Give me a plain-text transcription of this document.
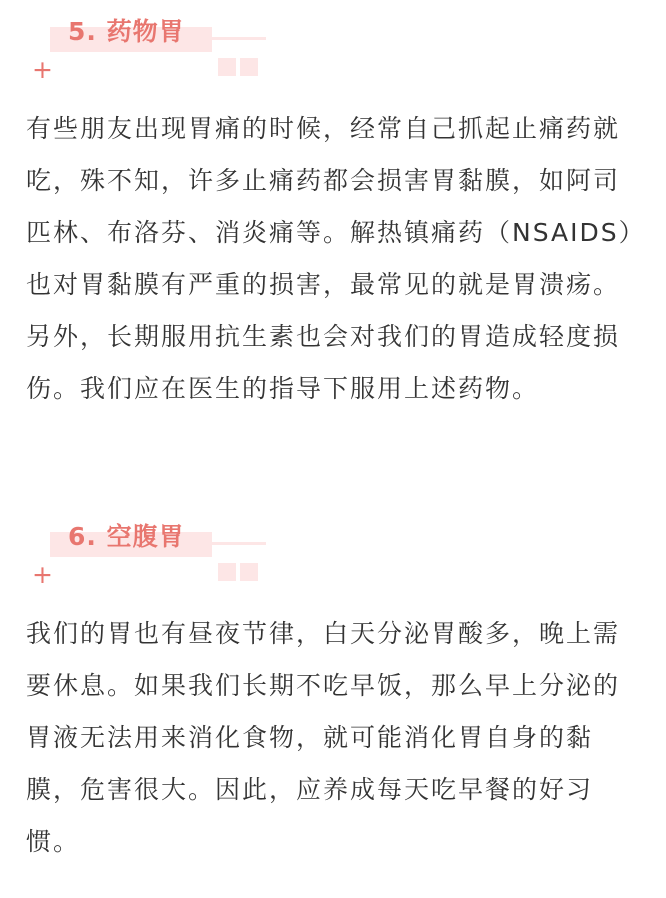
5. 药物胃
+

有些朋友出现胃痛的时候，经常自己抓起止痛药就吃，殊不知，许多止痛药都会损害胃黏膜，如阿司匹林、布洛芬、消炎痛等。解热镇痛药（NSAIDS）也对胃黏膜有严重的损害，最常见的就是胃溃疡。另外，长期服用抗生素也会对我们的胃造成轻度损伤。我们应在医生的指导下服用上述药物。

6. 空腹胃
+

我们的胃也有昼夜节律，白天分泌胃酸多，晚上需要休息。如果我们长期不吃早饭，那么早上分泌的胃液无法用来消化食物，就可能消化胃自身的黏膜，危害很大。因此，应养成每天吃早餐的好习惯。
